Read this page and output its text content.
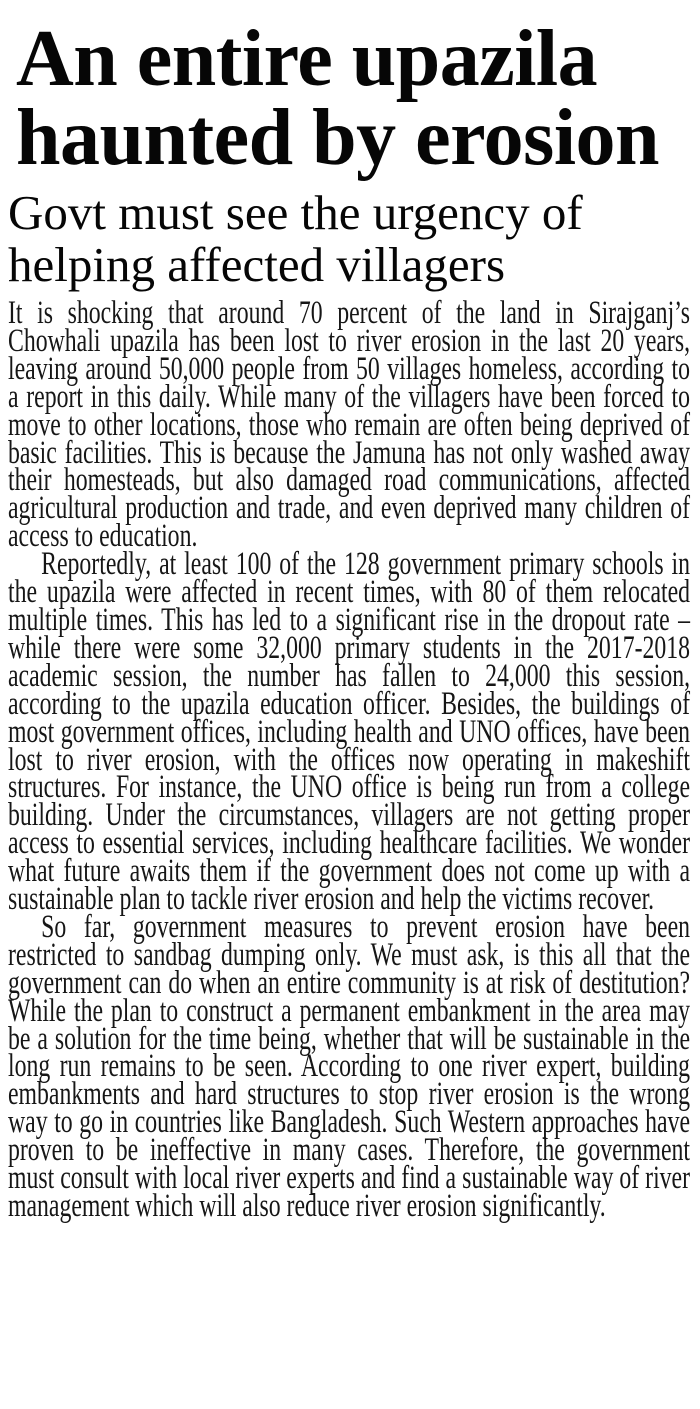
An entire upazila haunted by erosion
Govt must see the urgency of helping affected villagers

It is shocking that around 70 percent of the land in Sirajganj’s Chowhali upazila has been lost to river erosion in the last 20 years, leaving around 50,000 people from 50 villages homeless, according to a report in this daily. While many of the villagers have been forced to move to other locations, those who remain are often being deprived of basic facilities. This is because the Jamuna has not only washed away their homesteads, but also damaged road communications, affected agricultural production and trade, and even deprived many children of access to education.

Reportedly, at least 100 of the 128 government primary schools in the upazila were affected in recent times, with 80 of them relocated multiple times. This has led to a significant rise in the dropout rate – while there were some 32,000 primary students in the 2017-2018 academic session, the number has fallen to 24,000 this session, according to the upazila education officer. Besides, the buildings of most government offices, including health and UNO offices, have been lost to river erosion, with the offices now operating in makeshift structures. For instance, the UNO office is being run from a college building. Under the circumstances, villagers are not getting proper access to essential services, including healthcare facilities. We wonder what future awaits them if the government does not come up with a sustainable plan to tackle river erosion and help the victims recover.

So far, government measures to prevent erosion have been restricted to sandbag dumping only. We must ask, is this all that the government can do when an entire community is at risk of destitution? While the plan to construct a permanent embankment in the area may be a solution for the time being, whether that will be sustainable in the long run remains to be seen. According to one river expert, building embankments and hard structures to stop river erosion is the wrong way to go in countries like Bangladesh. Such Western approaches have proven to be ineffective in many cases. Therefore, the government must consult with local river experts and find a sustainable way of river management which will also reduce river erosion significantly.
